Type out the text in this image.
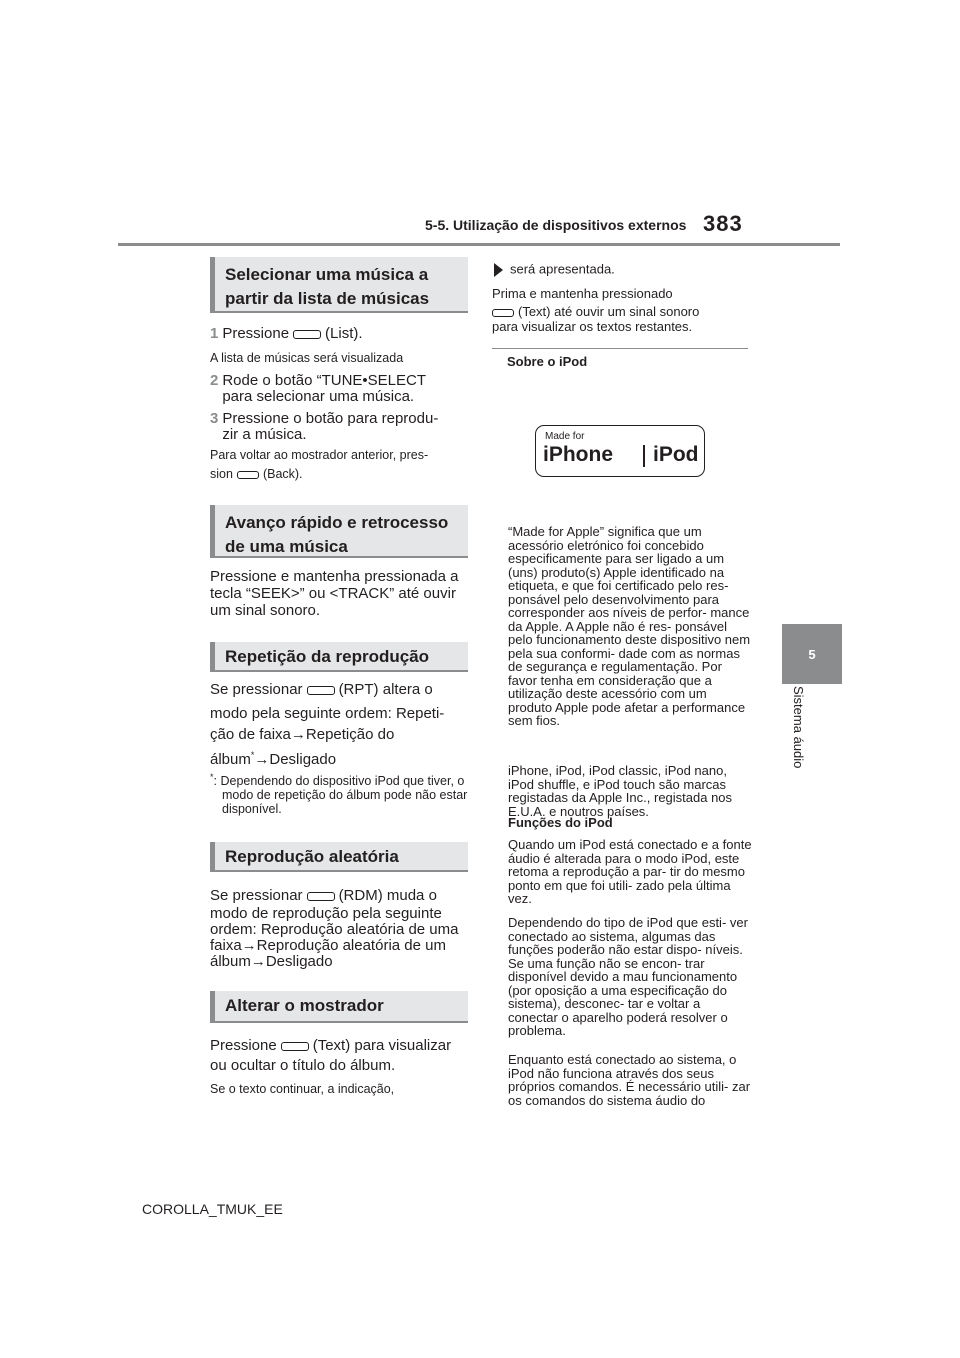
5-5. Utilização de dispositivos externos 383
5
Sistema áudio
Selecionar uma música a
partir da lista de músicas
1 Pressione (List).
A lista de músicas será visualizada
2 Rode o botão “TUNE•SELECT para selecionar uma música.
3 Pressione o botão para reprodu- zir a música.
Para voltar ao mostrador anterior, pres-
sion (Back).
Avanço rápido e retrocesso
de uma música
Pressione e mantenha pressionada a tecla “SEEK>” ou <TRACK” até ouvir um sinal sonoro.
Repetição da reprodução
Se pressionar (RPT) altera o
modo pela seguinte ordem: Repeti-
ção de faixa→Repetição do
álbum*→Desligado
*: Dependendo do dispositivo iPod que tiver, o modo de repetição do álbum pode não estar disponível.
Reprodução aleatória
Se pressionar (RDM) muda o
modo de reprodução pela seguinte ordem: Reprodução aleatória de uma faixa→Reprodução aleatória de um álbum→Desligado
Alterar o mostrador
Pressione (Text) para visualizar
ou ocultar o título do álbum.
Se o texto continuar, a indicação,
será apresentada.
Prima e mantenha pressionado
(Text) até ouvir um sinal sonoro
para visualizar os textos restantes.
Sobre o iPod
Made for
iPhone iPod
“Made for Apple” significa que um acessório eletrónico foi concebido especificamente para ser ligado a um (uns) produto(s) Apple identificado na etiqueta, e que foi certificado pelo res- ponsável pelo desenvolvimento para corresponder aos níveis de perfor- mance da Apple. A Apple não é res- ponsável pelo funcionamento deste dispositivo nem pela sua conformi- dade com as normas de segurança e regulamentação. Por favor tenha em consideração que a utilização deste acessório com um produto Apple pode afetar a performance sem fios.
iPhone, iPod, iPod classic, iPod nano, iPod shuffle, e iPod touch são marcas registadas da Apple Inc., registada nos E.U.A. e noutros países.
Funções do iPod
Quando um iPod está conectado e a fonte áudio é alterada para o modo iPod, este retoma a reprodução a par- tir do mesmo ponto em que foi utili- zado pela última vez.
Dependendo do tipo de iPod que esti- ver conectado ao sistema, algumas das funções poderão não estar dispo- níveis. Se uma função não se encon- trar disponível devido a mau funcionamento (por oposição a uma especificação do sistema), desconec- tar e voltar a conectar o aparelho poderá resolver o problema.
Enquanto está conectado ao sistema, o iPod não funciona através dos seus próprios comandos. É necessário utili- zar os comandos do sistema áudio do
COROLLA_TMUK_EE
